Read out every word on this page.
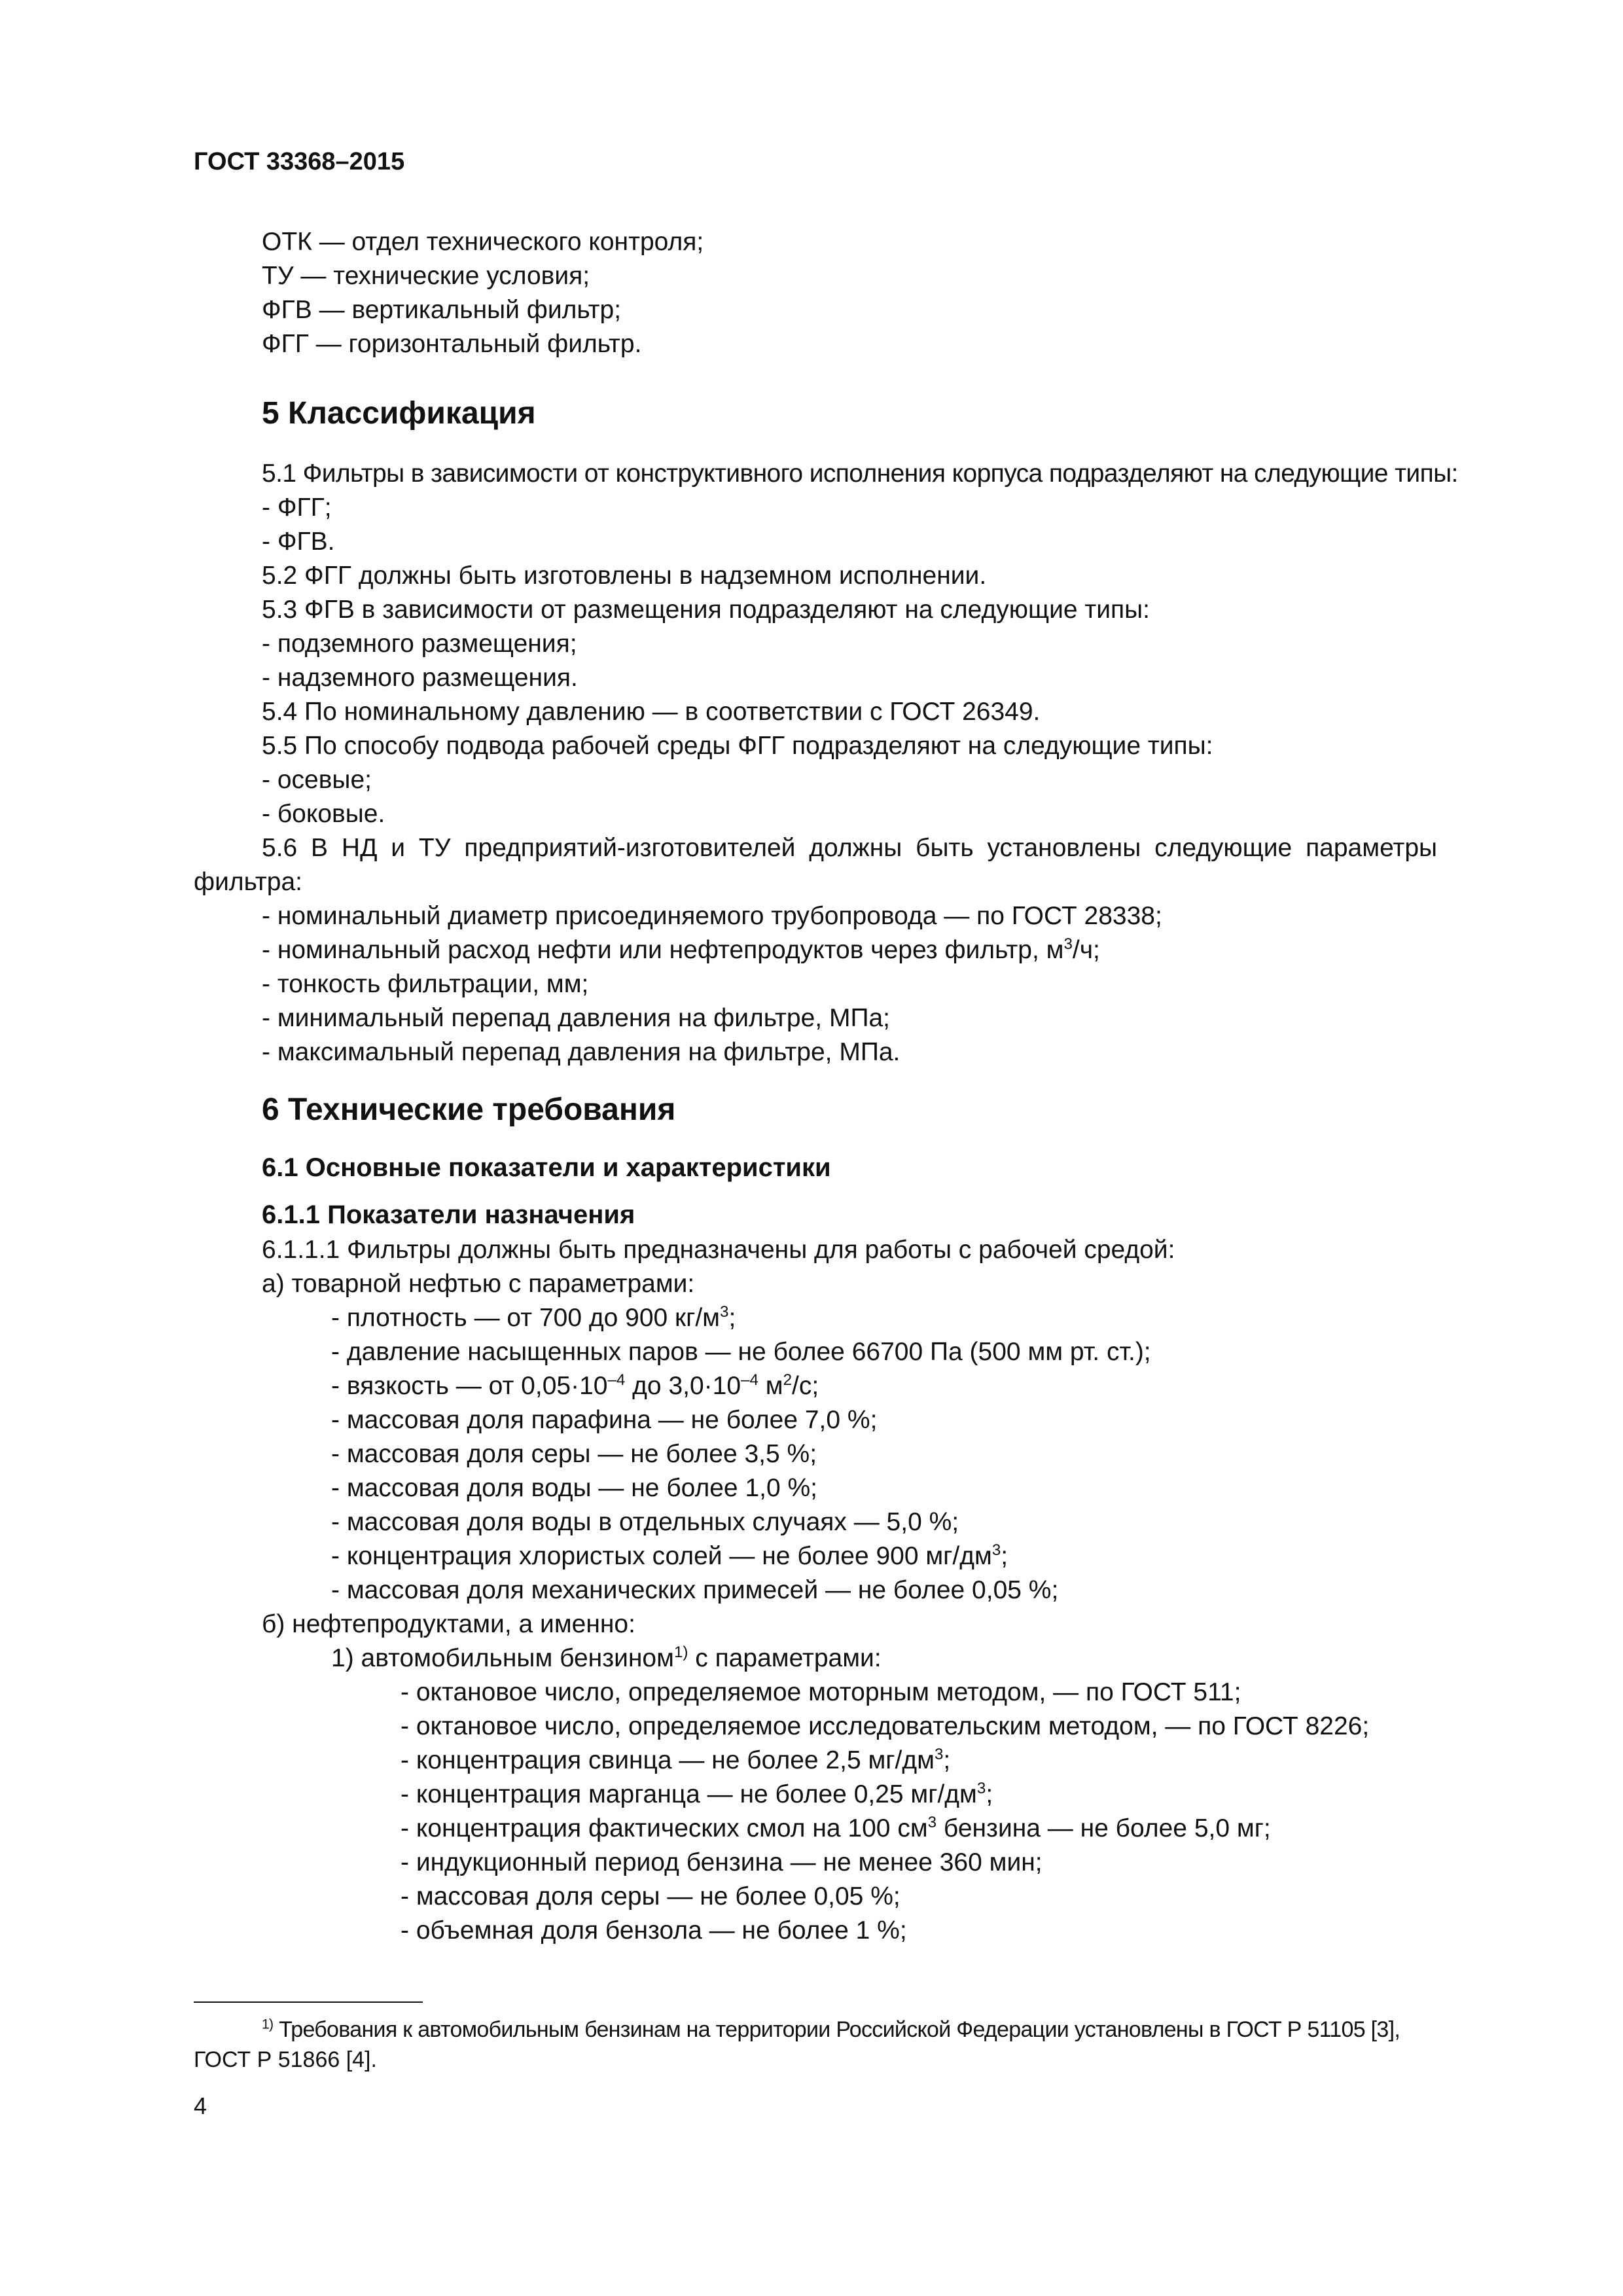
ГОСТ 33368–2015
ОТК — отдел технического контроля;
ТУ — технические условия;
ФГВ — вертикальный фильтр;
ФГГ — горизонтальный фильтр.
5 Классификация
5.1 Фильтры в зависимости от конструктивного исполнения корпуса подразделяют на следующие типы:
- ФГГ;
- ФГВ.
5.2 ФГГ должны быть изготовлены в надземном исполнении.
5.3 ФГВ в зависимости от размещения подразделяют на следующие типы:
- подземного размещения;
- надземного размещения.
5.4 По номинальному давлению — в соответствии с ГОСТ 26349.
5.5 По способу подвода рабочей среды ФГГ подразделяют на следующие типы:
- осевые;
- боковые.
5.6 В НД и ТУ предприятий-изготовителей должны быть установлены следующие параметры
фильтра:
- номинальный диаметр присоединяемого трубопровода — по ГОСТ 28338;
- номинальный расход нефти или нефтепродуктов через фильтр, $м^3/ч$;
- тонкость фильтрации, мм;
- минимальный перепад давления на фильтре, МПа;
- максимальный перепад давления на фильтре, МПа.
6 Технические требования
6.1 Основные показатели и характеристики
6.1.1 Показатели назначения
6.1.1.1 Фильтры должны быть предназначены для работы с рабочей средой:
а) товарной нефтью с параметрами:
- плотность — от 700 до 900 $кг/м^3$;
- давление насыщенных паров — не более 66700 Па (500 мм рт. ст.);
- вязкость — от $0,05\cdot 10^{-4}$ до $3,0\cdot 10^{-4}$ $м^2/с$;
- массовая доля парафина — не более 7,0 %;
- массовая доля серы — не более 3,5 %;
- массовая доля воды — не более 1,0 %;
- массовая доля воды в отдельных случаях — 5,0 %;
- концентрация хлористых солей — не более 900 $мг/дм^3$;
- массовая доля механических примесей — не более 0,05 %;
б) нефтепродуктами, а именно:
1) автомобильным бензином$^{1)}$ с параметрами:
- октановое число, определяемое моторным методом, — по ГОСТ 511;
- октановое число, определяемое исследовательским методом, — по ГОСТ 8226;
- концентрация свинца — не более 2,5 $мг/дм^3$;
- концентрация марганца — не более 0,25 $мг/дм^3$;
- концентрация фактических смол на 100 $см^3$ бензина — не более 5,0 мг;
- индукционный период бензина — не менее 360 мин;
- массовая доля серы — не более 0,05 %;
- объемная доля бензола — не более 1 %;
$^{1)}$ Требования к автомобильным бензинам на территории Российской Федерации установлены в ГОСТ Р 51105 [3],
ГОСТ Р 51866 [4].
4
